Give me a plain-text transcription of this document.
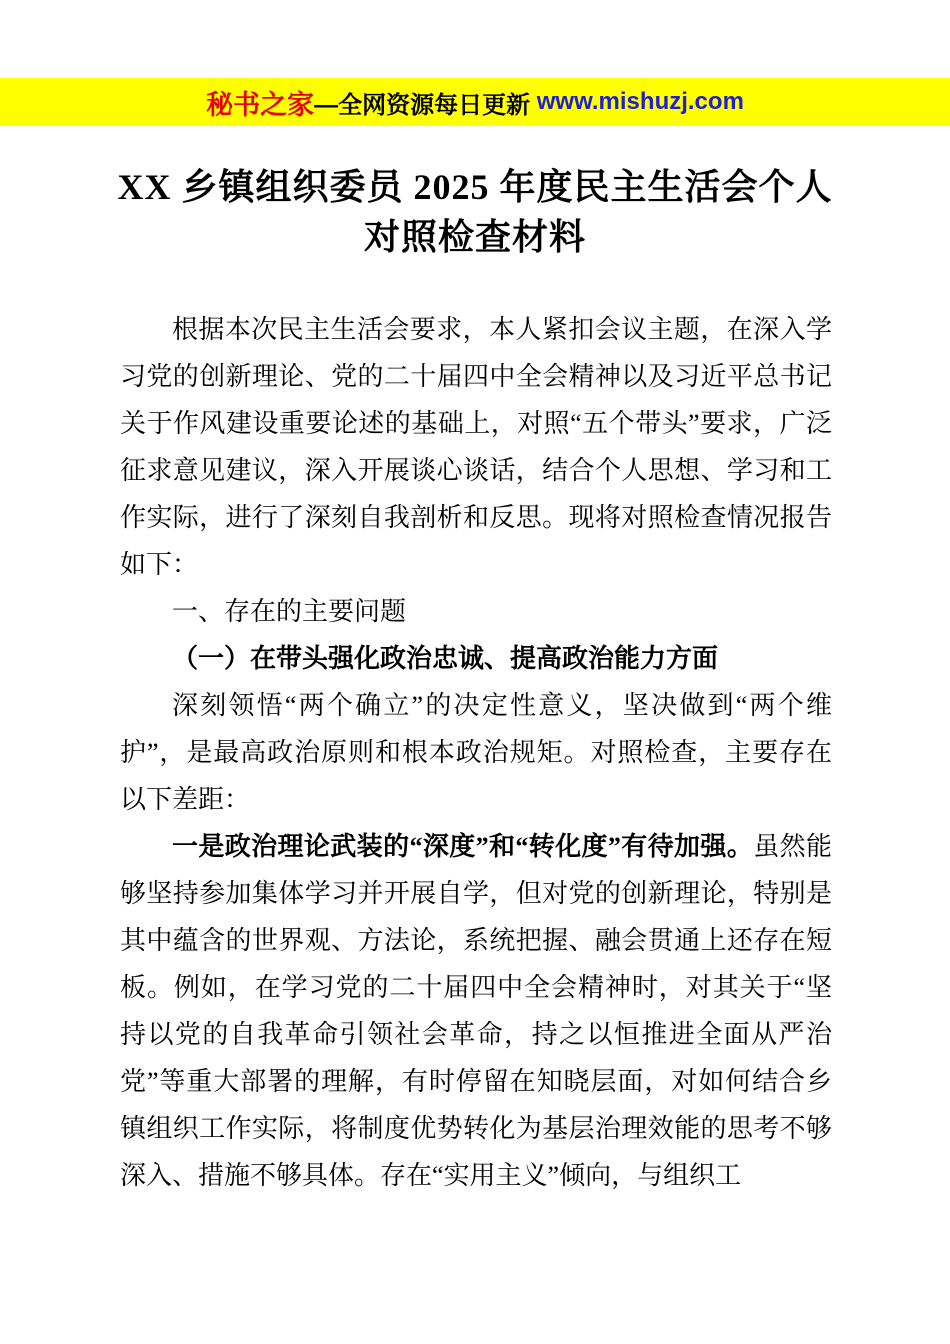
秘书之家 —全网资源每日更新 www.mishuzj.com
XX 乡镇组织委员 2025 年度民主生活会个人
对照检查材料

根据本次民主生活会要求，本人紧扣会议主题，在深入学习党的创新理论、党的二十届四中全会精神以及习近平总书记关于作风建设重要论述的基础上，对照“五个带头”要求，广泛征求意见建议，深入开展谈心谈话，结合个人思想、学习和工作实际，进行了深刻自我剖析和反思。现将对照检查情况报告如下：

一、存在的主要问题

（一）在带头强化政治忠诚、提高政治能力方面

深刻领悟“两个确立”的决定性意义，坚决做到“两个维护”，是最高政治原则和根本政治规矩。对照检查，主要存在以下差距：

一是政治理论武装的“深度”和“转化度”有待加强。虽然能够坚持参加集体学习并开展自学，但对党的创新理论，特别是其中蕴含的世界观、方法论，系统把握、融会贯通上还存在短板。例如，在学习党的二十届四中全会精神时，对其关于“坚持以党的自我革命引领社会革命，持之以恒推进全面从严治党”等重大部署的理解，有时停留在知晓层面，对如何结合乡镇组织工作实际，将制度优势转化为基层治理效能的思考不够深入、措施不够具体。存在“实用主义”倾向，与组织工
